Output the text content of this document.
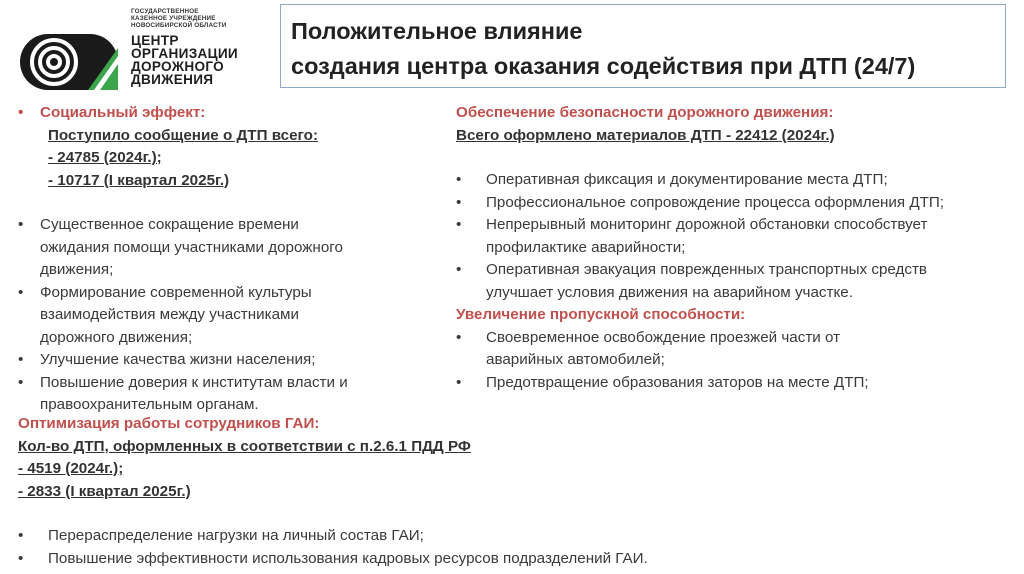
ГОСУДАРСТВЕННОЕ
КАЗЕННОЕ УЧРЕЖДЕНИЕ
НОВОСИБИРСКОЙ ОБЛАСТИ
ЦЕНТР
ОРГАНИЗАЦИИ
ДОРОЖНОГО
ДВИЖЕНИЯ
Положительное влияние
создания центра оказания содействия при ДТП (24/7)
• Социальный эффект:
Поступило сообщение о ДТП всего:
- 24785 (2024г.);
- 10717 (I квартал 2025г.)
• Существенное сокращение времени
ожидания помощи участниками дорожного
движения;
• Формирование современной культуры
взаимодействия между участниками
дорожного движения;
• Улучшение качества жизни населения;
• Повышение доверия к институтам власти и
правоохранительным органам.
Обеспечение безопасности дорожного движения:
Всего оформлено материалов ДТП - 22412 (2024г.)
• Оперативная фиксация и документирование места ДТП;
• Профессиональное сопровождение процесса оформления ДТП;
• Непрерывный мониторинг дорожной обстановки способствует
профилактике аварийности;
• Оперативная эвакуация поврежденных транспортных средств
улучшает условия движения на аварийном участке.
Увеличение пропускной способности:
• Своевременное освобождение проезжей части от
аварийных автомобилей;
• Предотвращение образования заторов на месте ДТП;
Оптимизация работы сотрудников ГАИ:
Кол-во ДТП, оформленных в соответствии с п.2.6.1 ПДД РФ
- 4519 (2024г.);
- 2833 (I квартал 2025г.)
• Перераспределение нагрузки на личный состав ГАИ;
• Повышение эффективности использования кадровых ресурсов подразделений ГАИ.
